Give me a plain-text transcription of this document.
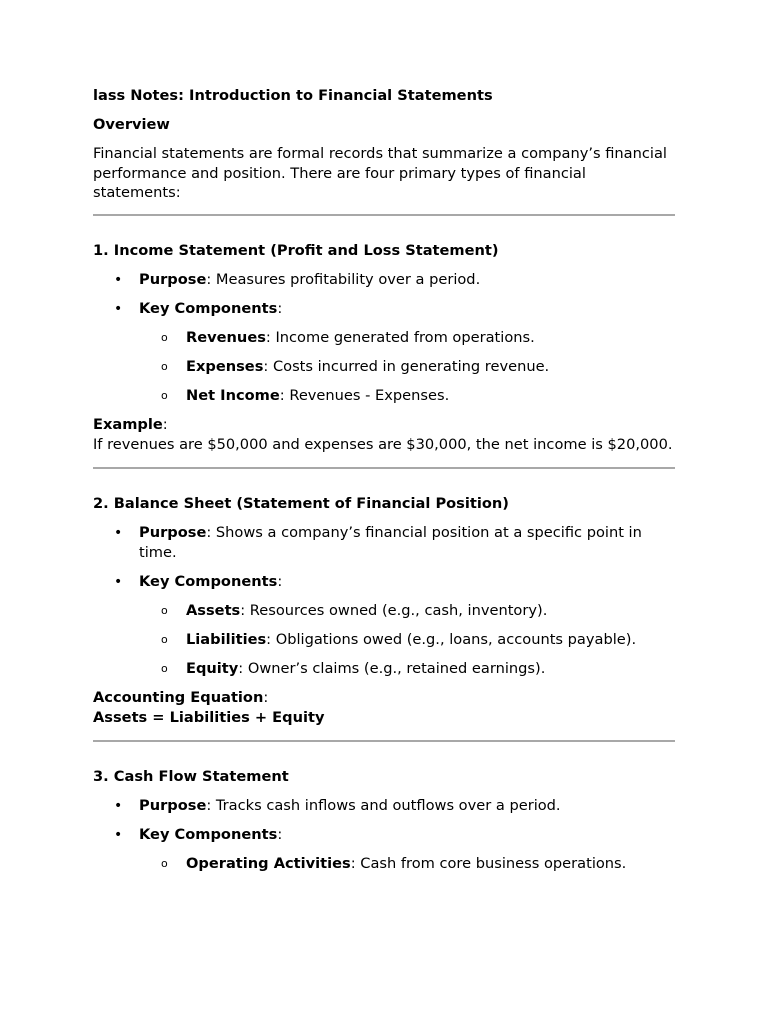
lass Notes: Introduction to Financial Statements

Overview

Financial statements are formal records that summarize a company’s financial performance and position. There are four primary types of financial statements:

1. Income Statement (Profit and Loss Statement)

• Purpose: Measures profitability over a period.
• Key Components:
o Revenues: Income generated from operations.
o Expenses: Costs incurred in generating revenue.
o Net Income: Revenues - Expenses.
Example:
If revenues are $50,000 and expenses are $30,000, the net income is $20,000.

2. Balance Sheet (Statement of Financial Position)

• Purpose: Shows a company’s financial position at a specific point in time.
• Key Components:
o Assets: Resources owned (e.g., cash, inventory).
o Liabilities: Obligations owed (e.g., loans, accounts payable).
o Equity: Owner’s claims (e.g., retained earnings).
Accounting Equation:
Assets = Liabilities + Equity

3. Cash Flow Statement

• Purpose: Tracks cash inflows and outflows over a period.
• Key Components:
o Operating Activities: Cash from core business operations.
